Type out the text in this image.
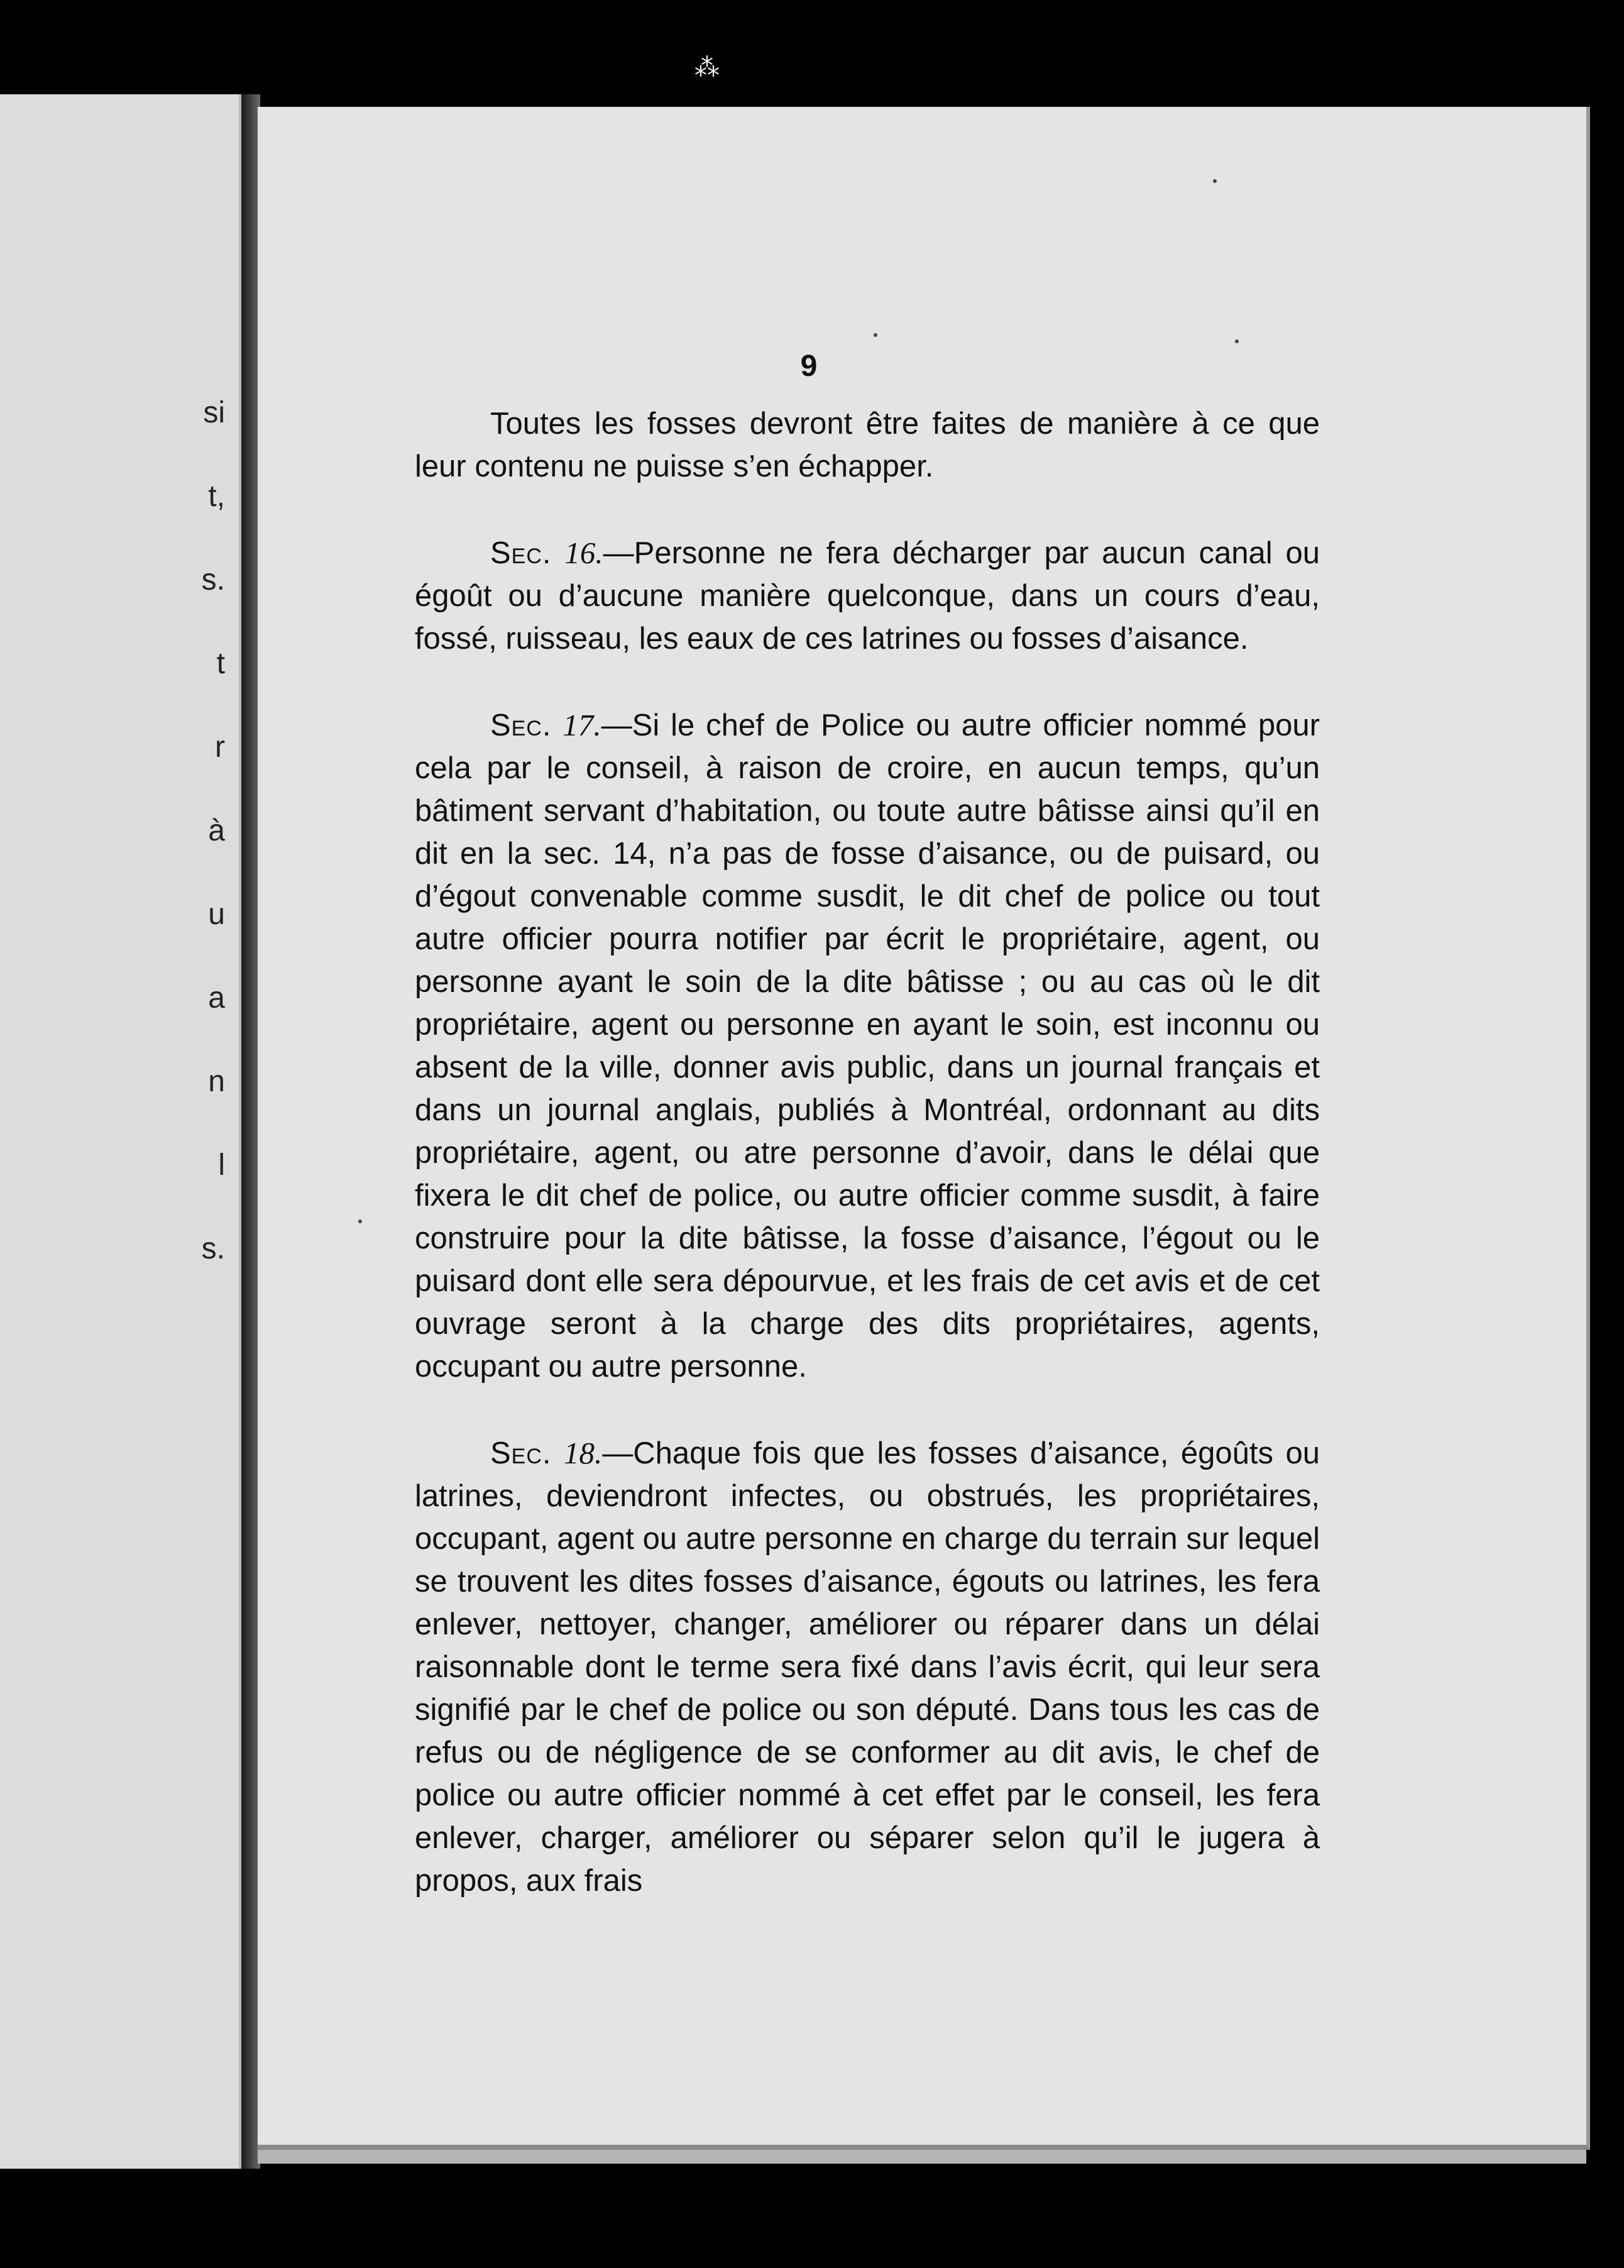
⁂
si
t,
s.
t
r
à
u
a
n
l
s.
9

Toutes les fosses devront être faites de manière à ce que leur contenu ne puisse s’en échapper.

Sec. 16.—Personne ne fera décharger par aucun canal ou égoût ou d’aucune manière quelconque, dans un cours d’eau, fossé, ruisseau, les eaux de ces latrines ou fosses d’aisance.

Sec. 17.—Si le chef de Police ou autre officier nommé pour cela par le conseil, à raison de croire, en aucun temps, qu’un bâtiment servant d’habitation, ou toute autre bâtisse ainsi qu’il en dit en la sec. 14, n’a pas de fosse d’aisance, ou de puisard, ou d’égout convenable comme susdit, le dit chef de police ou tout autre officier pourra notifier par écrit le propriétaire, agent, ou personne ayant le soin de la dite bâtisse ; ou au cas où le dit propriétaire, agent ou personne en ayant le soin, est inconnu ou absent de la ville, donner avis public, dans un journal français et dans un journal anglais, publiés à Montréal, ordonnant au dits propriétaire, agent, ou atre personne d’avoir, dans le délai que fixera le dit chef de police, ou autre officier comme susdit, à faire construire pour la dite bâtisse, la fosse d’aisance, l’égout ou le puisard dont elle sera dépourvue, et les frais de cet avis et de cet ouvrage seront à la charge des dits propriétaires, agents, occupant ou autre personne.

Sec. 18.—Chaque fois que les fosses d’aisance, égoûts ou latrines, deviendront infectes, ou obstrués, les propriétaires, occupant, agent ou autre personne en charge du terrain sur lequel se trouvent les dites fosses d’aisance, égouts ou latrines, les fera enlever, nettoyer, changer, améliorer ou réparer dans un délai raisonnable dont le terme sera fixé dans l’avis écrit, qui leur sera signifié par le chef de police ou son député. Dans tous les cas de refus ou de négligence de se conformer au dit avis, le chef de police ou autre officier nommé à cet effet par le conseil, les fera enlever, charger, améliorer ou séparer selon qu’il le jugera à propos, aux frais
